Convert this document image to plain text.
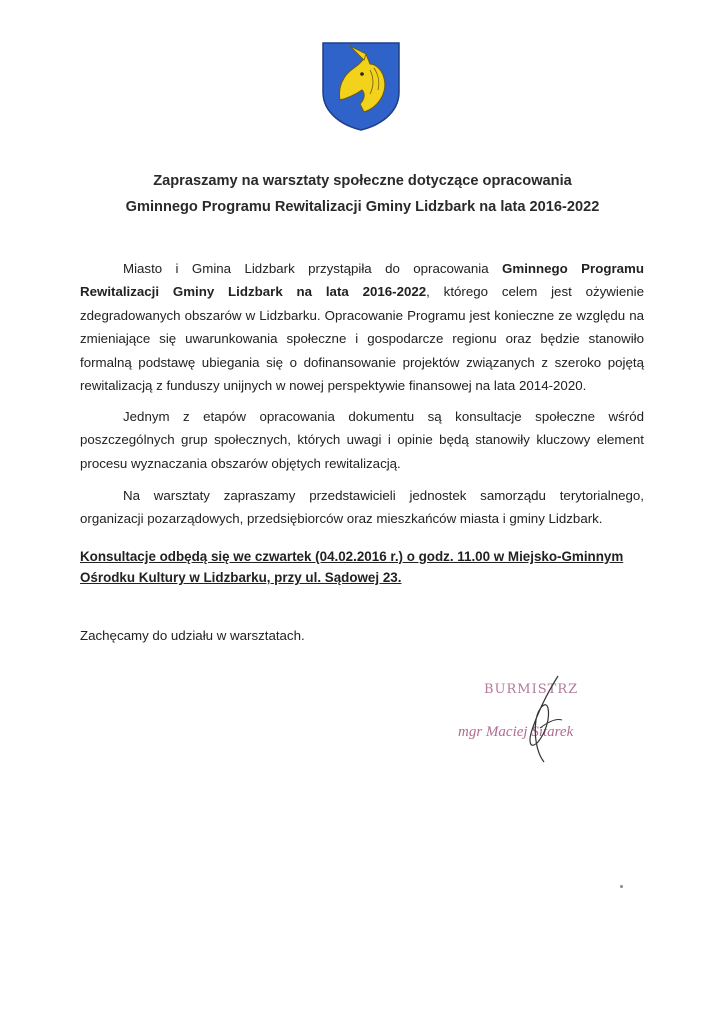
Zapraszamy na warsztaty społeczne dotyczące opracowania
Gminnego Programu Rewitalizacji Gminy Lidzbark na lata 2016-2022

Miasto i Gmina Lidzbark przystąpiła do opracowania Gminnego Programu Rewitalizacji Gminy Lidzbark na lata 2016-2022, którego celem jest ożywienie zdegradowanych obszarów w Lidzbarku. Opracowanie Programu jest konieczne ze względu na zmieniające się uwarunkowania społeczne i gospodarcze regionu oraz będzie stanowiło formalną podstawę ubiegania się o dofinansowanie projektów związanych z szeroko pojętą rewitalizacją z funduszy unijnych w nowej perspektywie finansowej na lata 2014-2020.

Jednym z etapów opracowania dokumentu są konsultacje społeczne wśród poszczególnych grup społecznych, których uwagi i opinie będą stanowiły kluczowy element procesu wyznaczania obszarów objętych rewitalizacją.

Na warsztaty zapraszamy przedstawicieli jednostek samorządu terytorialnego, organizacji pozarządowych, przedsiębiorców oraz mieszkańców miasta i gminy Lidzbark.

Konsultacje odbędą się we czwartek (04.02.2016 r.) o godz. 11.00 w Miejsko-Gminnym Ośrodku Kultury w Lidzbarku, przy ul. Sądowej 23.
Zachęcamy do udziału w warsztatach.
BURMISTRZ
mgr Maciej Sitarek
